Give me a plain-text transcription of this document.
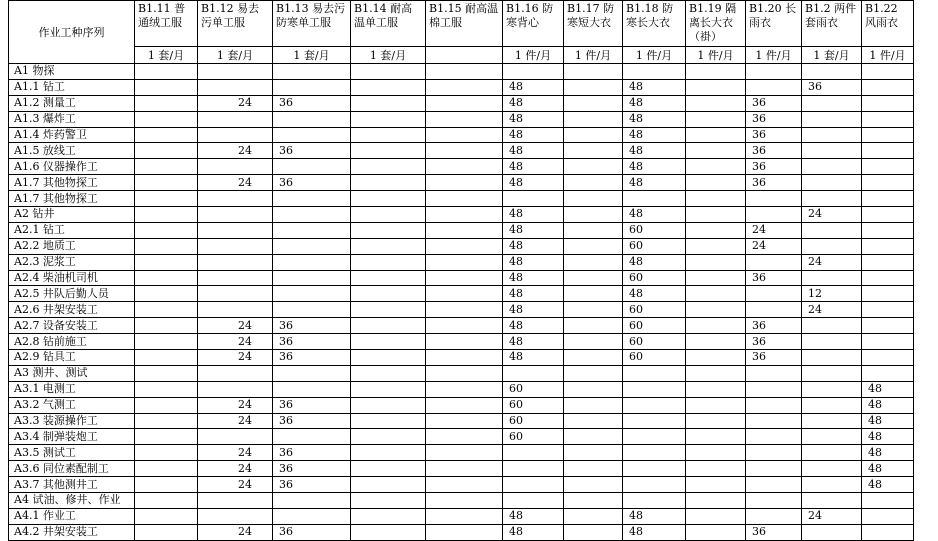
作业工种序列	B1.11 普通绒工服	B1.12 易去污单工服	B1.13 易去污防寒单工服	B1.14 耐高温单工服	B1.15 耐高温棉工服	B1.16 防寒背心	B1.17 防寒短大衣	B1.18 防寒长大衣	B1.19 隔离长大衣（褂）	B1.20 长雨衣	B1.2 两件套雨衣	B1.22 风雨衣
	1 套/月	1 套/月	1 套/月	1 套/月		1 件/月	1 件/月	1 件/月	1 件/月	1 件/月	1 套/月	1 件/月
A1 物探												
A1.1 钻工						48		48			36	
A1.2 测量工		24	36			48		48		36		
A1.3 爆炸工						48		48		36		
A1.4 炸药警卫						48		48		36		
A1.5 放线工		24	36			48		48		36		
A1.6 仪器操作工						48		48		36		
A1.7 其他物探工		24	36			48		48		36		
A1.7 其他物探工												
A2 钻井						48		48			24	
A2.1 钻工						48		60		24		
A2.2 地质工						48		60		24		
A2.3 泥浆工						48		48			24	
A2.4 柴油机司机						48		60		36		
A2.5 井队后勤人员						48		48			12	
A2.6 井架安装工						48		60			24	
A2.7 设备安装工		24	36			48		60		36		
A2.8 钻前施工		24	36			48		60		36		
A2.9 钻具工		24	36			48		60		36		
A3 测井、测试												
A3.1 电测工						60						48
A3.2 气测工		24	36			60						48
A3.3 装源操作工		24	36			60						48
A3.4 制弹装炮工						60						48
A3.5 测试工		24	36									48
A3.6 同位素配制工		24	36									48
A3.7 其他测井工		24	36									48
A4 试油、修井、作业												
A4.1 作业工						48		48			24	
A4.2 井架安装工		24	36			48		48		36		
